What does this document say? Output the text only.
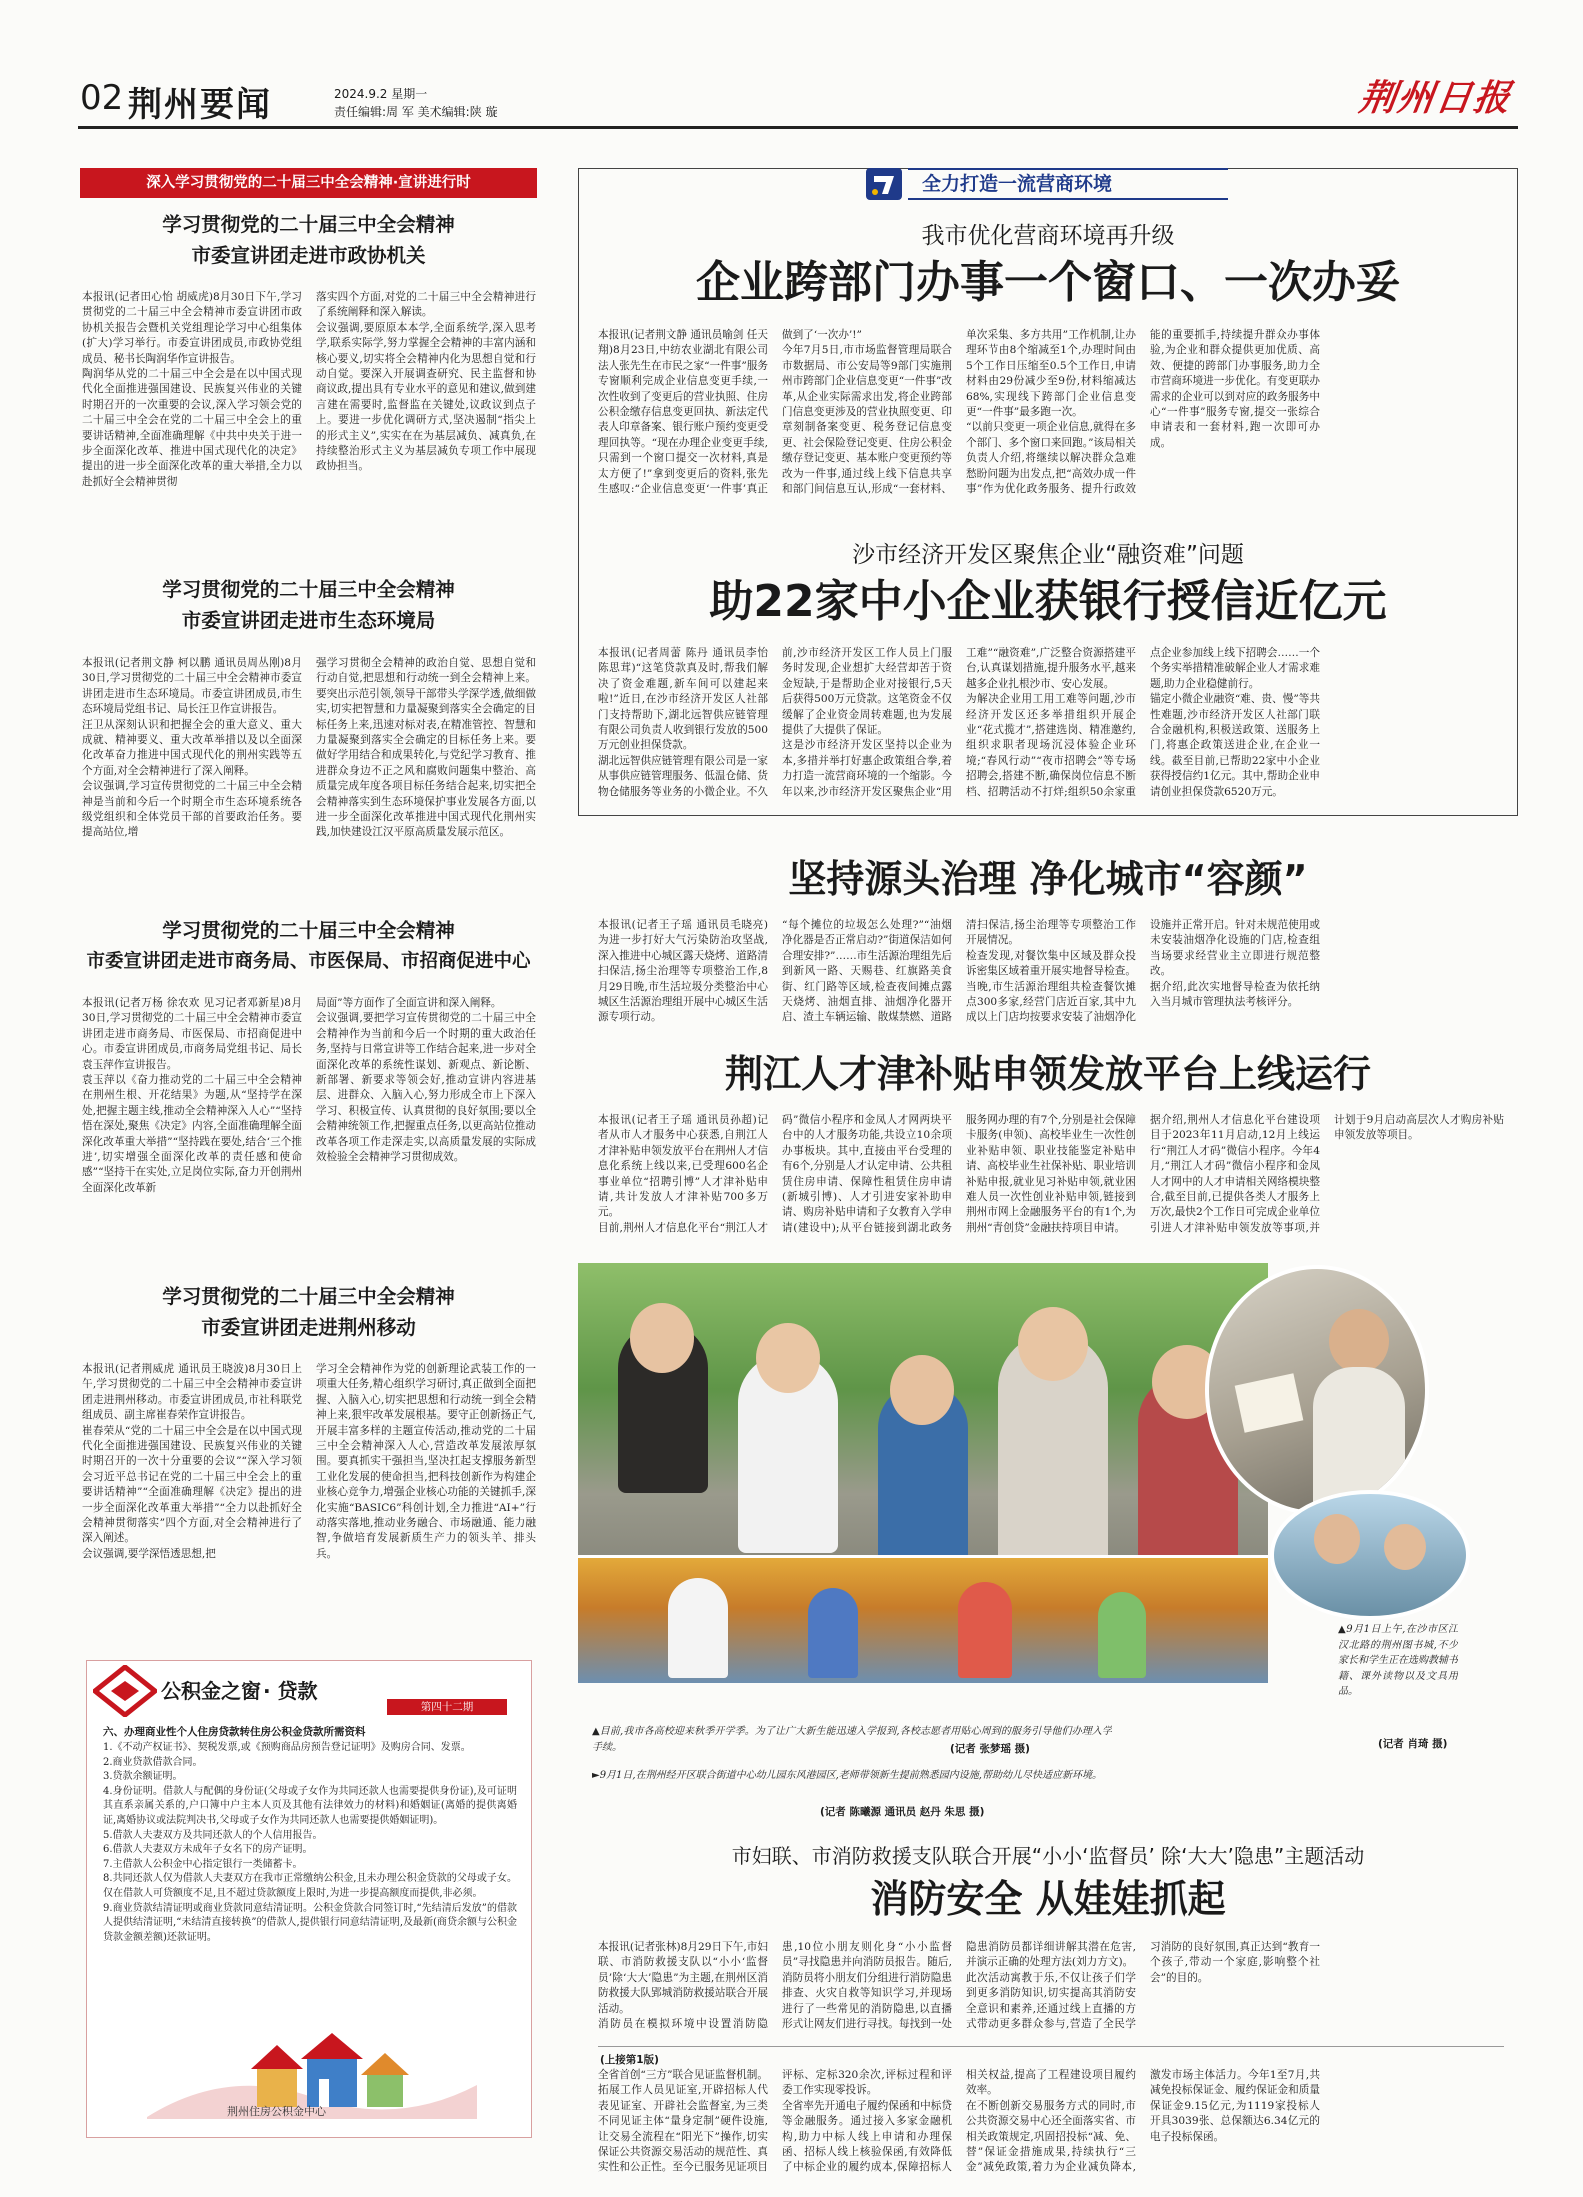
02 荆州要闻	2024.9.2 星期一
责任编辑:周 军 美术编辑:陕 璇	荆州日报
深入学习贯彻党的二十届三中全会精神·宣讲进行时
学习贯彻党的二十届三中全会精神
市委宣讲团走进市政协机关
本报讯(记者田心怡 胡威虎)8月30日下午,学习贯彻党的二十届三中全会精神市委宣讲团市政协机关报告会暨机关党组理论学习中心组集体(扩大)学习举行。市委宣讲团成员,市政协党组成员、秘书长陶润华作宣讲报告。
陶润华从党的二十届三中全会是在以中国式现代化全面推进强国建设、民族复兴伟业的关键时期召开的一次重要的会议,深入学习领会党的二十届三中全会在党的二十届三中全会上的重要讲话精神,全面准确理解《中共中央关于进一步全面深化改革、推进中国式现代化的决定》提出的进一步全面深化改革的重大举措,全力以赴抓好全会精神贯彻
落实四个方面,对党的二十届三中全会精神进行了系统阐释和深入解读。
会议强调,要原原本本学,全面系统学,深入思考学,联系实际学,努力掌握全会精神的丰富内涵和核心要义,切实将全会精神内化为思想自觉和行动自觉。要深入开展调查研究、民主监督和协商议政,提出具有专业水平的意见和建议,做到建言建在需要时,监督监在关键处,议政议到点子上。要进一步优化调研方式,坚决遏制“指尖上的形式主义”,实实在在为基层减负、减真负,在持续整治形式主义为基层减负专项工作中展现政协担当。
学习贯彻党的二十届三中全会精神
市委宣讲团走进市生态环境局
本报讯(记者荆文静 柯以鹏 通讯员周丛刚)8月30日,学习贯彻党的二十届三中全会精神市委宣讲团走进市生态环境局。市委宣讲团成员,市生态环境局党组书记、局长汪卫作宣讲报告。
汪卫从深刻认识和把握全会的重大意义、重大成就、精神要义、重大改革举措以及以全面深化改革奋力推进中国式现代化的荆州实践等五个方面,对全会精神进行了深入阐释。
会议强调,学习宣传贯彻党的二十届三中全会精神是当前和今后一个时期全市生态环境系统各级党组织和全体党员干部的首要政治任务。要提高站位,增
强学习贯彻全会精神的政治自觉、思想自觉和行动自觉,把思想和行动统一到全会精神上来。要突出示范引领,领导干部带头学深学透,做细做实,切实把智慧和力量凝聚到落实全会确定的目标任务上来,迅速对标对表,在精准管控、智慧和力量凝聚到落实全会确定的目标任务上来。要做好学用结合和成果转化,与党纪学习教育、推进群众身边不正之风和腐败问题集中整治、高质量完成年度各项目标任务结合起来,切实把全会精神落实到生态环境保护事业发展各方面,以进一步全面深化改革推进中国式现代化荆州实践,加快建设江汉平原高质量发展示范区。
学习贯彻党的二十届三中全会精神
市委宣讲团走进市商务局、市医保局、市招商促进中心
本报讯(记者万杨 徐农欢 见习记者邓新星)8月30日,学习贯彻党的二十届三中全会精神市委宣讲团走进市商务局、市医保局、市招商促进中心。市委宣讲团成员,市商务局党组书记、局长袁玉萍作宣讲报告。
袁玉萍以《奋力推动党的二十届三中全会精神在荆州生根、开花结果》为题,从“坚持学在深处,把握主题主线,推动全会精神深入人心”“坚持悟在深处,聚焦《决定》内容,全面准确理解全面深化改革重大举措”“坚持践在要处,结合‘三个推进’,切实增强全面深化改革的责任感和使命感”“坚持干在实处,立足岗位实际,奋力开创荆州全面深化改革新
局面”等方面作了全面宣讲和深入阐释。
会议强调,要把学习宣传贯彻党的二十届三中全会精神作为当前和今后一个时期的重大政治任务,坚持与日常宣讲等工作结合起来,进一步对全面深化改革的系统性谋划、新观点、新论断、新部署、新要求等领会好,推动宣讲内容进基层、进群众、入脑入心,努力形成全市上下深入学习、积极宣传、认真贯彻的良好氛围;要以全会精神统领工作,把握重点任务,以更高站位推动改革各项工作走深走实,以高质量发展的实际成效检验全会精神学习贯彻成效。
学习贯彻党的二十届三中全会精神
市委宣讲团走进荆州移动
本报讯(记者荆威虎 通讯员王晓波)8月30日上午,学习贯彻党的二十届三中全会精神市委宣讲团走进荆州移动。市委宣讲团成员,市社科联党组成员、副主席崔春荣作宣讲报告。
崔春荣从“党的二十届三中全会是在以中国式现代化全面推进强国建设、民族复兴伟业的关键时期召开的一次十分重要的会议”“深入学习领会习近平总书记在党的二十届三中全会上的重要讲话精神”“全面准确理解《决定》提出的进一步全面深化改革重大举措”“全力以赴抓好全会精神贯彻落实”四个方面,对全会精神进行了深入阐述。
会议强调,要学深悟透思想,把
学习全会精神作为党的创新理论武装工作的一项重大任务,精心组织学习研讨,真正做到全面把握、入脑入心,切实把思想和行动统一到全会精神上来,狠牢改革发展根基。要守正创新扬正气,开展丰富多样的主题宣传活动,推动党的二十届三中全会精神深入人心,营造改革发展浓厚氛围。要真抓实干强担当,坚决扛起支撑服务新型工业化发展的使命担当,把科技创新作为构建企业核心竞争力,增强企业核心功能的关键抓手,深化实施“BASIC6”科创计划,全力推进“AI+”行动落实落地,推动业务融合、市场融通、能力融智,争做培育发展新质生产力的领头羊、排头兵。
公积金之窗 · 贷款
第四十二期
六、办理商业性个人住房贷款转住房公积金贷款所需资料
1.《不动产权证书》、契税发票,或《预购商品房预告登记证明》及购房合同、发票。
2.商业贷款借款合同。
3.贷款余额证明。
4.身份证明。借款人与配偶的身份证(父母或子女作为共同还款人也需要提供身份证),及可证明其直系亲属关系的,户口簿中户主本人页及其他有法律效力的材料)和婚姻证(离婚的提供离婚证,离婚协议或法院判决书,父母或子女作为共同还款人也需要提供婚姻证明)。
5.借款人夫妻双方及共同还款人的个人信用报告。
6.借款人夫妻双方未成年子女名下的房产证明。
7.主借款人公积金中心指定银行一类储蓄卡。
8.共同还款人仅为借款人夫妻双方在我市正常缴纳公积金,且未办理公积金贷款的父母或子女。仅在借款人可贷额度不足,且不超过贷款额度上限时,为进一步提高额度而提供,非必须。
9.商业贷款结清证明或商业贷款同意结清证明。公积金贷款合同签订时,“先结清后发放”的借款人提供结清证明,“未结清直接转换”的借款人,提供银行同意结清证明,及最新(商贷余额与公积金贷款金额差额)还款证明。
荆州住房公积金中心
全力打造一流营商环境
我市优化营商环境再升级
企业跨部门办事一个窗口、一次办妥
本报讯(记者荆文静 通讯员喻剑 任天翔)8月23日,中纺农业湖北有限公司法人张先生在市民之家“一件事”服务专窗顺利完成企业信息变更手续,一次性收到了变更后的营业执照、住房公积金缴存信息变更回执、新法定代表人印章备案、银行账户预约变更受理回执等。“现在办理企业变更手续,只需到一个窗口提交一次材料,真是太方便了!”拿到变更后的资料,张先生感叹:“企业信息变更‘一件事’真正做到了‘一次办’!”
今年7月5日,市市场监督管理局联合市数据局、市公安局等9部门实施荆州市跨部门企业信息变更“一件事”改革,从企业实际需求出发,将企业跨部门信息变更涉及的营业执照变更、印章刻制备案变更、税务登记信息变更、社会保险登记变更、住房公积金缴存登记变更、基本账户变更预约等改为一件事,通过线上线下信息共享和部门间信息互认,形成“一套材料、单次采集、多方共用”工作机制,让办理环节由8个缩减至1个,办理时间由5个工作日压缩至0.5个工作日,申请材料由29份减少至9份,材料缩减达68%,实现线下跨部门企业信息变更“一件事”最多跑一次。
“以前只变更一项企业信息,就得在多个部门、多个窗口来回跑。”该局相关负责人介绍,将继续以解决群众急难愁盼问题为出发点,把“高效办成一件事”作为优化政务服务、提升行政效能的重要抓手,持续提升群众办事体验,为企业和群众提供更加优质、高效、便捷的跨部门办事服务,助力全市营商环境进一步优化。有变更联办需求的企业可以到对应的政务服务中心“一件事”服务专窗,提交一张综合申请表和一套材料,跑一次即可办成。
沙市经济开发区聚焦企业“融资难”问题
助22家中小企业获银行授信近亿元
本报讯(记者周蕾 陈丹 通讯员李怡 陈思茸)“这笔贷款真及时,帮我们解决了资金难题,新车间可以建起来啦!”近日,在沙市经济开发区人社部门支持帮助下,湖北远智供应链管理有限公司负责人收到银行发放的500万元创业担保贷款。
湖北远智供应链管理有限公司是一家从事供应链管理服务、低温仓储、货物仓储服务等业务的小微企业。不久前,沙市经济开发区工作人员上门服务时发现,企业想扩大经营却苦于资金短缺,于是帮助企业对接银行,5天后获得500万元贷款。这笔资金不仅缓解了企业资金周转难题,也为发展提供了大提供了保证。
这是沙市经济开发区坚持以企业为本,多措并举打好惠企政策组合拳,着力打造一流营商环境的一个缩影。今年以来,沙市经济开发区聚焦企业“用工难”“融资难”,广泛整合资源搭建平台,认真谋划措施,提升服务水平,越来越多企业扎根沙市、安心发展。
为解决企业用工用工难等问题,沙市经济开发区还多举措组织开展企业“花式揽才”,搭建选岗、精准邀约,组织求职者现场沉浸体验企业环境;“春风行动”“夜市招聘会”等专场招聘会,搭建不断,确保岗位信息不断档、招聘活动不打烊;组织50余家重点企业参加线上线下招聘会……一个个务实举措精准破解企业人才需求难题,助力企业稳健前行。
锚定小微企业融资“难、贵、慢”等共性难题,沙市经济开发区人社部门联合金融机构,积极送政策、送服务上门,将惠企政策送进企业,在企业一线。截至目前,已帮助22家中小企业获得授信约1亿元。其中,帮助企业申请创业担保贷款6520万元。
坚持源头治理 净化城市“容颜”
本报讯(记者王子瑶 通讯员毛晓亮)为进一步打好大气污染防治攻坚战,深入推进中心城区露天烧烤、道路清扫保洁,扬尘治理等专项整治工作,8月29日晚,市生活垃圾分类整治中心城区生活源治理组开展中心城区生活源专项行动。
“每个摊位的垃圾怎么处理?”“油烟净化器是否正常启动?”街道保洁如何合理安排?”……市生活源治理组先后到新风一路、天赐巷、红旗路美食街、红门路等区域,检查夜间摊点露天烧烤、油烟直排、油烟净化器开启、渣土车辆运输、散煤禁燃、道路清扫保洁,扬尘治理等专项整治工作开展情况。
检查发现,对餐饮集中区域及群众投诉密集区域着重开展实地督导检查。当晚,市生活源治理组共检查餐饮摊点300多家,经营门店近百家,其中九成以上门店均按要求安装了油烟净化设施并正常开启。针对未规范使用或未安装油烟净化设施的门店,检查组当场要求经营业主立即进行规范整改。
据介绍,此次实地督导检查为依托纳入当月城市管理执法考核评分。
荆江人才津补贴申领发放平台上线运行
本报讯(记者王子瑶 通讯员孙超)记者从市人才服务中心获悉,自荆江人才津补贴申领发放平台在荆州人才信息化系统上线以来,已受理600名企事业单位“招聘引博”人才津补贴申请,共计发放人才津补贴700多万元。
目前,荆州人才信息化平台“荆江人才码”微信小程序和金凤人才网两块平台中的人才服务功能,共设立10余项办事板块。其中,直接由平台受理的有6个,分别是人才认定申请、公共租赁住房申请、保障性租赁住房申请(新城引博)、人才引进安家补助申请、购房补贴申请和子女教育入学申请(建设中);从平台链接到湖北政务服务网办理的有7个,分别是社会保障卡服务(申领)、高校毕业生一次性创业补贴申领、职业技能鉴定补贴申请、高校毕业生社保补贴、职业培训补贴申报,就业见习补贴申领,就业困难人员一次性创业补贴申领,链接到荆州市网上金融服务平台的有1个,为荆州“青创贷”金融扶持项目申请。
据介绍,荆州人才信息化平台建设项目于2023年11月启动,12月上线运行“荆江人才码”微信小程序。今年4月,“荆江人才码”微信小程序和金凤人才网中的人才申请相关网络模块整合,截至目前,已提供各类人才服务上万次,最快2个工作日可完成企业单位引进人才津补贴申领发放等事项,并计划于9月启动高层次人才购房补贴申领发放等项目。
▲目前,我市各高校迎来秋季开学季。为了让广大新生能迅速入学报到,各校志愿者用贴心周到的服务引导他们办理入学手续。	(记者 张梦瑶 摄)
►9月1日,在荆州经开区联合街道中心幼儿园东风港园区,老师带领新生提前熟悉园内设施,帮助幼儿尽快适应新环境。
(记者 陈曦源 通讯员 赵丹 朱思 摄)
▲9月1日上午,在沙市区江汉北路的荆州图书城,不少家长和学生正在选购教辅书籍、课外读物以及文具用品。
(记者 肖琦 摄)
市妇联、市消防救援支队联合开展“小小‘监督员’ 除‘大大’隐患”主题活动
消防安全 从娃娃抓起
本报讯(记者张林)8月29日下午,市妇联、市消防救援支队以“小小‘监督员’除‘大大’隐患”为主题,在荆州区消防救援大队郢城消防救援站联合开展活动。
消防员在模拟环境中设置消防隐患,10位小朋友则化身“小小监督员”寻找隐患并向消防员报告。随后,消防员将小朋友们分组进行消防隐患排查、火灾自救等知识学习,并现场进行了一些常见的消防隐患,以直播形式让网友们进行寻找。每找到一处隐患消防员都详细讲解其潜在危害,并演示正确的处理方法(刘力方文)。
此次活动寓教于乐,不仅让孩子们学到更多消防知识,切实提高其消防安全意识和素养,还通过线上直播的方式带动更多群众参与,营造了全民学习消防的良好氛围,真正达到“教育一个孩子,带动一个家庭,影响整个社会”的目的。
(上接第1版)
全省首创“三方”联合见证监督机制。拓展工作人员见证室,开辟招标人代表见证室、开辟社会监督室,为三类不同见证主体“量身定制”硬件设施,让交易全流程在“阳光下”操作,切实保证公共资源交易活动的规范性、真实性和公正性。至今已服务见证项目评标、定标320余次,评标过程和评委工作实现零投诉。
全省率先开通电子履约保函和中标贷等金融服务。通过接入多家金融机构,助力中标人线上申请和办理保函、招标人线上核验保函,有效降低了中标企业的履约成本,保障招标人相关权益,提高了工程建设项目履约效率。
在不断创新交易服务方式的同时,市公共资源交易中心还全面落实省、市相关政策规定,巩固招投标“减、免、替”保证金措施成果,持续执行“三金”减免政策,着力为企业减负降本,激发市场主体活力。今年1至7月,共减免投标保证金、履约保证金和质量保证金9.15亿元,为1119家投标人开具3039张、总保额达6.34亿元的电子投标保函。
